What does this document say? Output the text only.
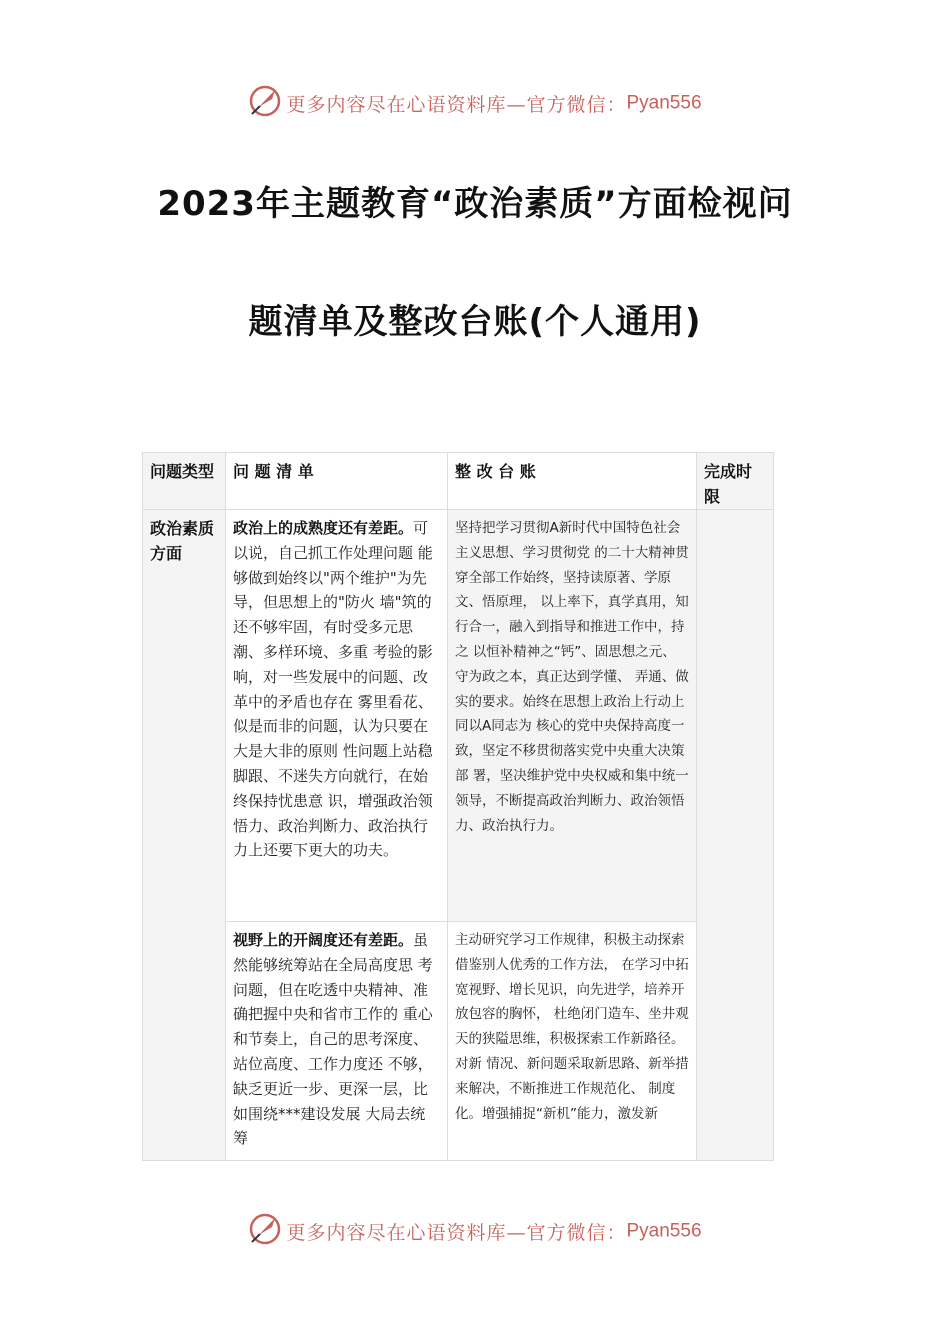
更多内容尽在心语资料库—官方微信：Pyan556
2023年主题教育“政治素质”方面检视问
题清单及整改台账(个人通用)
问题类型	问 题 清 单	整 改 台 账	完成时限

政治素质方面	政治上的成熟度还有差距。可以说，自己抓工作处理问题 能够做到始终以"两个维护"为先导，但思想上的"防火 墙"筑的还不够牢固，有时受多元思潮、多样环境、多重 考验的影响，对一些发展中的问题、改革中的矛盾也存在 雾里看花、似是而非的问题，认为只要在大是大非的原则 性问题上站稳脚跟、不迷失方向就行，在始终保持忧患意 识，增强政治领悟力、政治判断力、政治执行力上还要下更大的功夫。	坚持把学习贯彻A新时代中国特色社会主义思想、学习贯彻党 的二十大精神贯穿全部工作始终，坚持读原著、学原文、悟原理， 以上率下，真学真用，知行合一，融入到指导和推进工作中，持之 以恒补精神之“钙”、固思想之元、守为政之本，真正达到学懂、 弄通、做实的要求。始终在思想上政治上行动上同以A同志为 核心的党中央保持高度一致，坚定不移贯彻落实党中央重大决策部 署，坚决维护党中央权威和集中统一领导，不断提高政治判断力、政治领悟力、政治执行力。	

	视野上的开阔度还有差距。虽然能够统筹站在全局高度思 考问题，但在吃透中央精神、准确把握中央和省市工作的 重心和节奏上，自己的思考深度、站位高度、工作力度还 不够，缺乏更近一步、更深一层，比如围绕***建设发展 大局去统筹	主动研究学习工作规律，积极主动探索借鉴别人优秀的工作方法， 在学习中拓宽视野、增长见识，向先进学，培养开放包容的胸怀， 杜绝闭门造车、坐井观天的狭隘思维，积极探索工作新路径。对新 情况、新问题采取新思路、新举措来解决，不断推进工作规范化、 制度化。增强捕捉“新机”能力，激发新	
更多内容尽在心语资料库—官方微信：Pyan556
